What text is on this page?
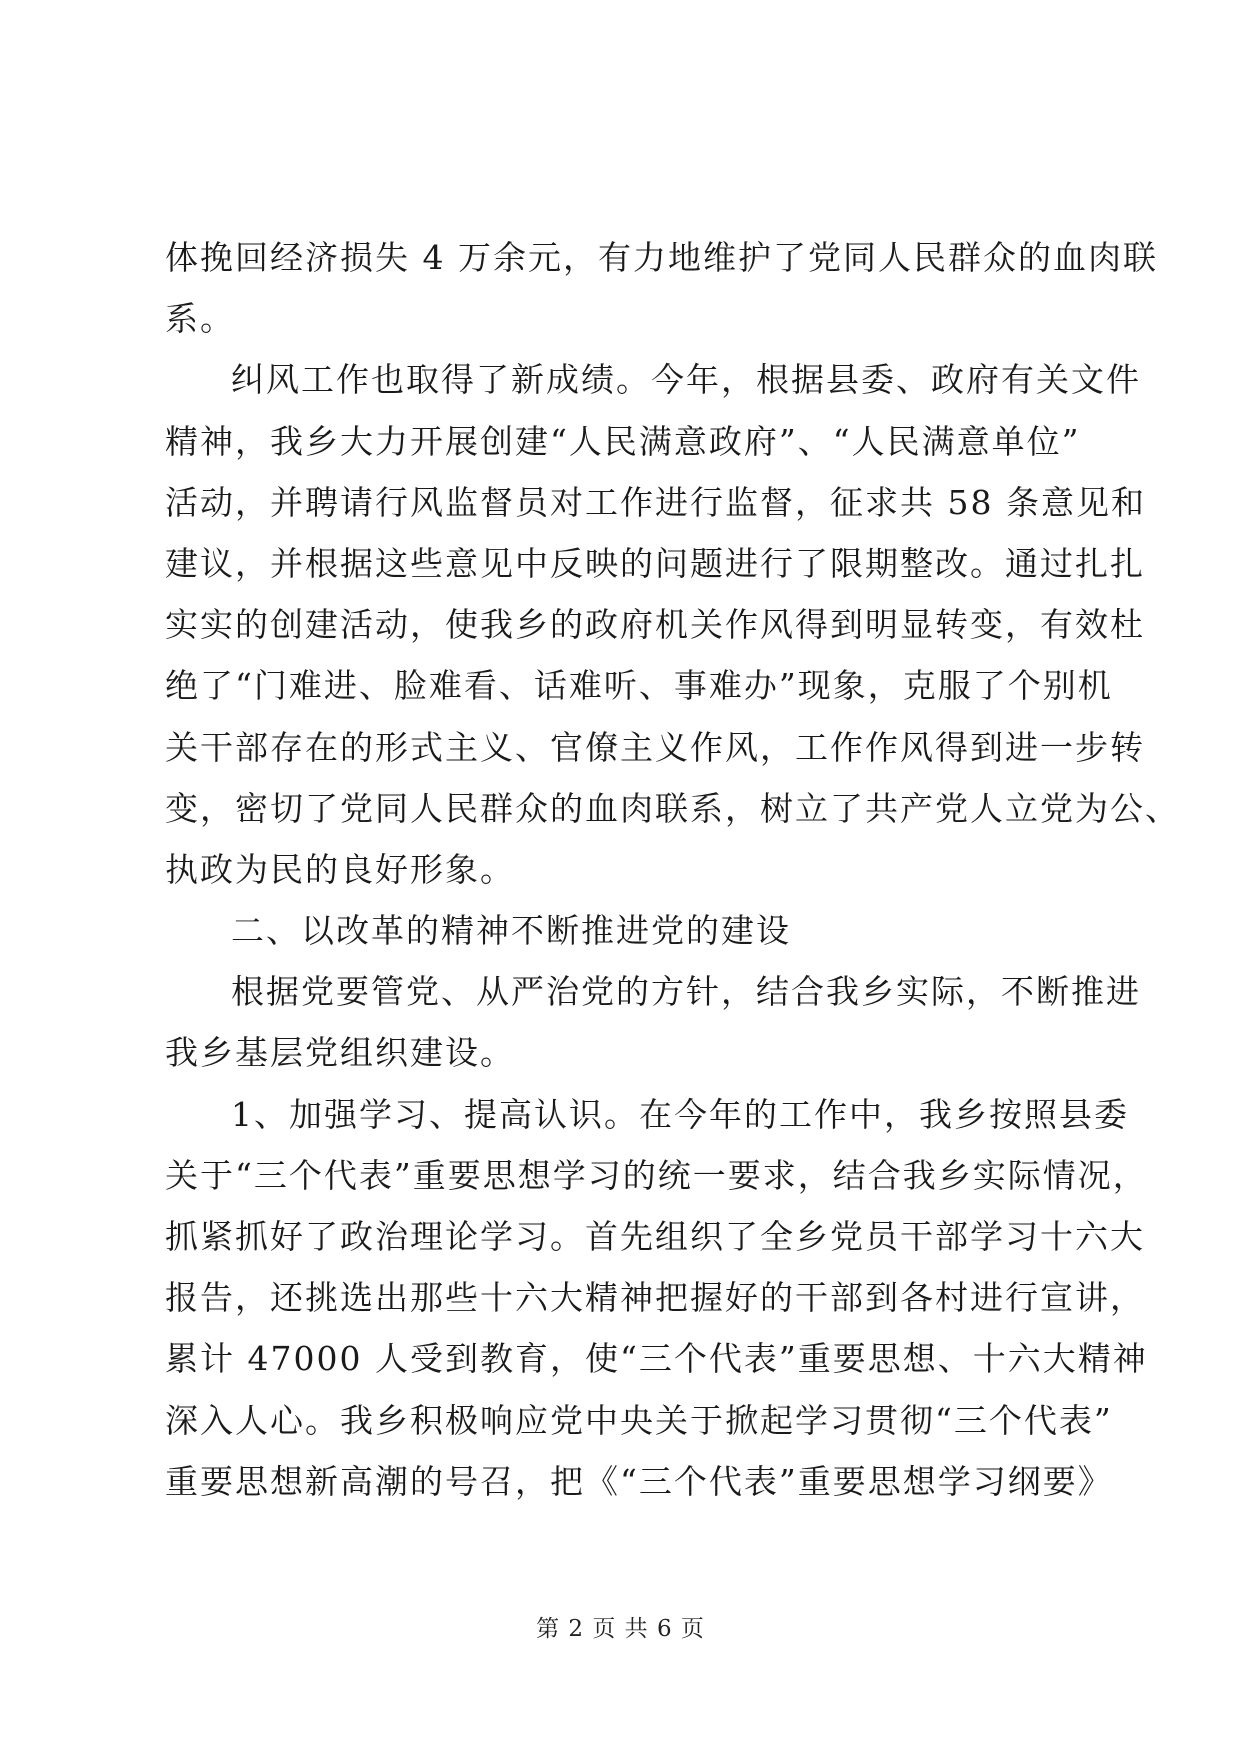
体挽回经济损失 4 万余元，有力地维护了党同人民群众的血肉联
系。
纠风工作也取得了新成绩。今年，根据县委、政府有关文件
精神，我乡大力开展创建“人民满意政府”、“人民满意单位”
活动，并聘请行风监督员对工作进行监督，征求共 58 条意见和
建议，并根据这些意见中反映的问题进行了限期整改。通过扎扎
实实的创建活动，使我乡的政府机关作风得到明显转变，有效杜
绝了“门难进、脸难看、话难听、事难办”现象，克服了个别机
关干部存在的形式主义、官僚主义作风，工作作风得到进一步转
变，密切了党同人民群众的血肉联系，树立了共产党人立党为公、
执政为民的良好形象。
二、以改革的精神不断推进党的建设
根据党要管党、从严治党的方针，结合我乡实际，不断推进
我乡基层党组织建设。
1、加强学习、提高认识。在今年的工作中，我乡按照县委
关于“三个代表”重要思想学习的统一要求，结合我乡实际情况，
抓紧抓好了政治理论学习。首先组织了全乡党员干部学习十六大
报告，还挑选出那些十六大精神把握好的干部到各村进行宣讲，
累计 47000 人受到教育，使“三个代表”重要思想、十六大精神
深入人心。我乡积极响应党中央关于掀起学习贯彻“三个代表”
重要思想新高潮的号召，把《“三个代表”重要思想学习纲要》
第 2 页 共 6 页
